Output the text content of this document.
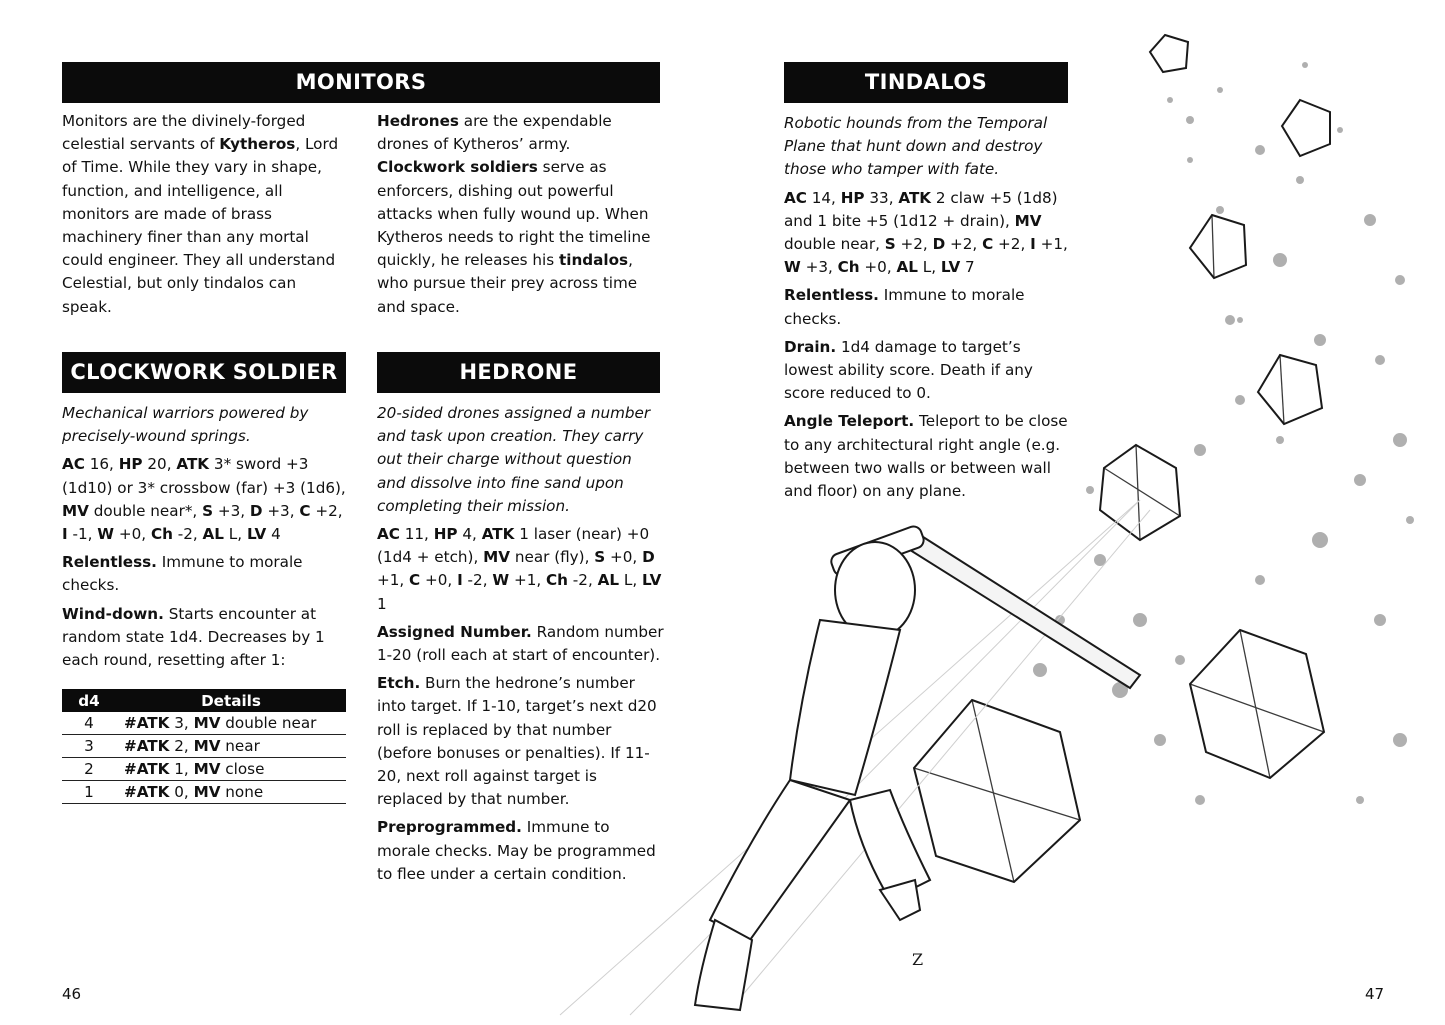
MONITORS

Monitors are the divinely-forged celestial servants of Kytheros, Lord of Time. While they vary in shape, function, and intelligence, all monitors are made of brass machinery finer than any mortal could engineer. They all understand Celestial, but only tindalos can speak.

Hedrones are the expendable drones of Kytheros’ army. Clockwork soldiers serve as enforcers, dishing out powerful attacks when fully wound up. When Kytheros needs to right the timeline quickly, he releases his tindalos, who pursue their prey across time and space.

CLOCKWORK SOLDIER

Mechanical warriors powered by precisely-wound springs.

AC 16, HP 20, ATK 3* sword +3 (1d10) or 3* crossbow (far) +3 (1d6), MV double near*, S +3, D +3, C +2, I -1, W +0, Ch -2, AL L, LV 4

Relentless. Immune to morale checks.

Wind-down. Starts encounter at random state 1d4. Decreases by 1 each round, resetting after 1:

d4	Details
4	#ATK 3, MV double near
3	#ATK 2, MV near
2	#ATK 1, MV close
1	#ATK 0, MV none
HEDRONE

20-sided drones assigned a number and task upon creation. They carry out their charge without question and dissolve into fine sand upon completing their mission.

AC 11, HP 4, ATK 1 laser (near) +0 (1d4 + etch), MV near (fly), S +0, D +1, C +0, I -2, W +1, Ch -2, AL L, LV 1

Assigned Number. Random number 1-20 (roll each at start of encounter).

Etch. Burn the hedrone’s number into target. If 1-10, target’s next d20 roll is replaced by that number (before bonuses or penalties). If 11-20, next roll against target is replaced by that number.

Preprogrammed. Immune to morale checks. May be programmed to flee under a certain condition.

46
Z
TINDALOS

Robotic hounds from the Temporal Plane that hunt down and destroy those who tamper with fate.

AC 14, HP 33, ATK 2 claw +5 (1d8) and 1 bite +5 (1d12 + drain), MV double near, S +2, D +2, C +2, I +1, W +3, Ch +0, AL L, LV 7

Relentless. Immune to morale checks.

Drain. 1d4 damage to target’s lowest ability score. Death if any score reduced to 0.

Angle Teleport. Teleport to be close to any architectural right angle (e.g. between two walls or between wall and floor) on any plane.

47
